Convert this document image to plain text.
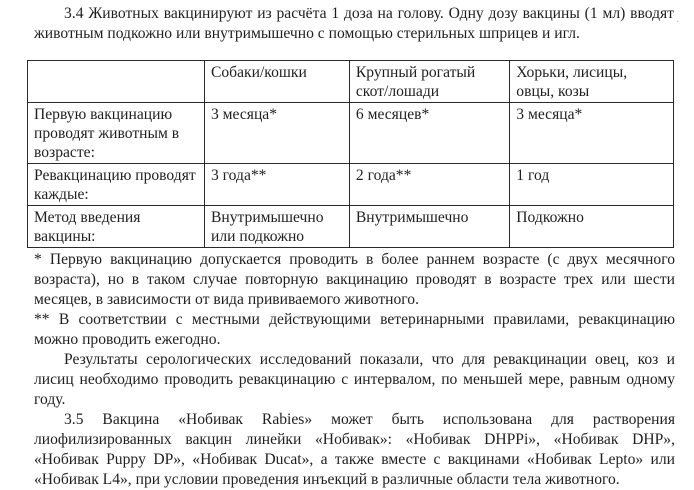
.
3.4 Животных вакцинируют из расчёта 1 доза на голову. Одну дозу вакцины (1 мл) вводят животным подкожно или внутримышечно с помощью стерильных шприцев и игл.
	Собаки/кошки	Крупный рогатый скот/лошади	Хорьки, лисицы, овцы, козы
Первую вакцинацию проводят животным в возрасте:	3 месяца*	6 месяцев*	3 месяца*
Ревакцинацию проводят каждые:	3 года**	2 года**	1 год
Метод введения вакцины:	Внутримышечно или подкожно	Внутримышечно	Подкожно

* Первую вакцинацию допускается проводить в более раннем возрасте (с двух месячного возраста), но в таком случае повторную вакцинацию проводят в возрасте трех или шести месяцев, в зависимости от вида прививаемого животного.

** В соответствии с местными действующими ветеринарными правилами, ревакцинацию можно проводить ежегодно.

Результаты серологических исследований показали, что для ревакцинации овец, коз и лисиц необходимо проводить ревакцинацию с интервалом, по меньшей мере, равным одному году.

3.5 Вакцина «Нобивак Rabies» может быть использована для растворения лиофилизированных вакцин линейки «Нобивак»: «Нобивак DHPPi», «Нобивак DHP», «Нобивак Puppy DP», «Нобивак Ducat», а также вместе с вакцинами «Нобивак Lepto» или «Нобивак L4», при условии проведения инъекций в различные области тела животного.
